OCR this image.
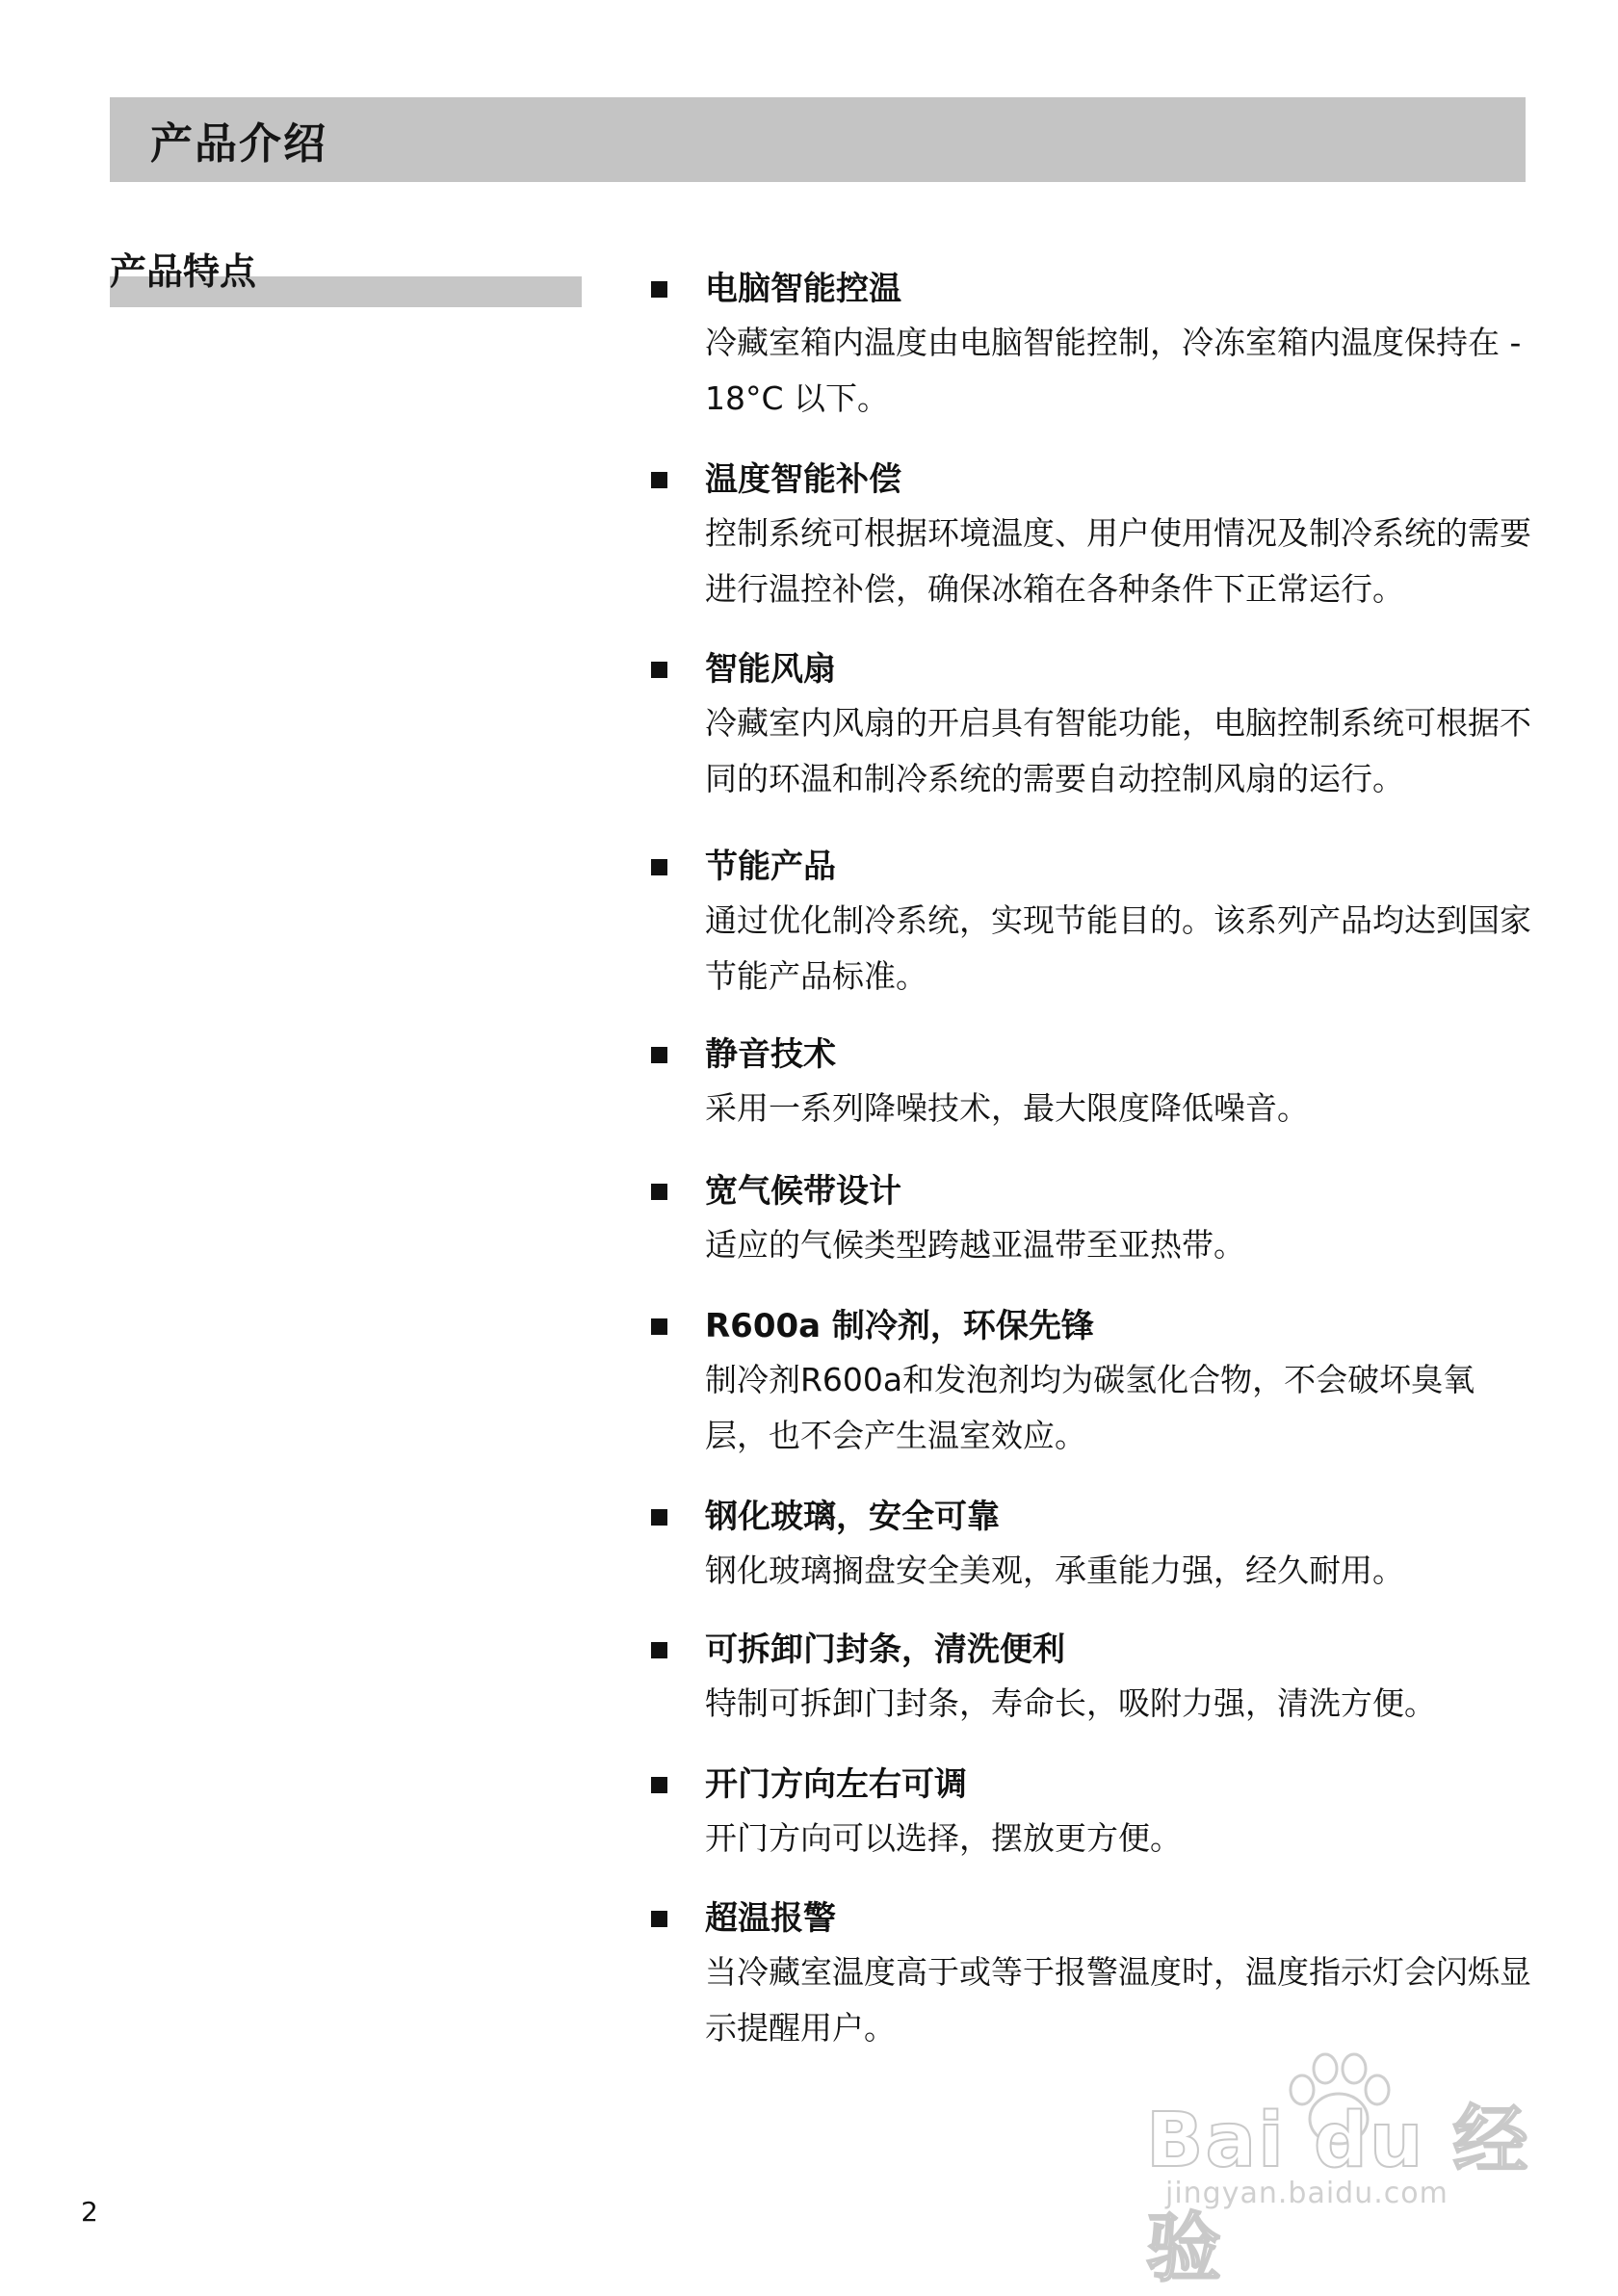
产品介绍
产品特点	电脑智能控温

冷藏室箱内温度由电脑智能控制，冷冻室箱内温度保持在 -18°C 以下。

温度智能补偿

控制系统可根据环境温度、用户使用情况及制冷系统的需要进行温控补偿，确保冰箱在各种条件下正常运行。

智能风扇

冷藏室内风扇的开启具有智能功能，电脑控制系统可根据不同的环温和制冷系统的需要自动控制风扇的运行。

节能产品

通过优化制冷系统，实现节能目的。该系列产品均达到国家节能产品标准。

静音技术

采用一系列降噪技术，最大限度降低噪音。

宽气候带设计

适应的气候类型跨越亚温带至亚热带。

R600a 制冷剂，环保先锋

制冷剂R600a和发泡剂均为碳氢化合物，不会破坏臭氧层，也不会产生温室效应。

钢化玻璃，安全可靠

钢化玻璃搁盘安全美观，承重能力强，经久耐用。

可拆卸门封条，清洗便利

特制可拆卸门封条，寿命长，吸附力强，清洗方便。

开门方向左右可调

开门方向可以选择，摆放更方便。

超温报警

当冷藏室温度高于或等于报警温度时，温度指示灯会闪烁显示提醒用户。

Bai du 经验
jingyan.baidu.com
2
